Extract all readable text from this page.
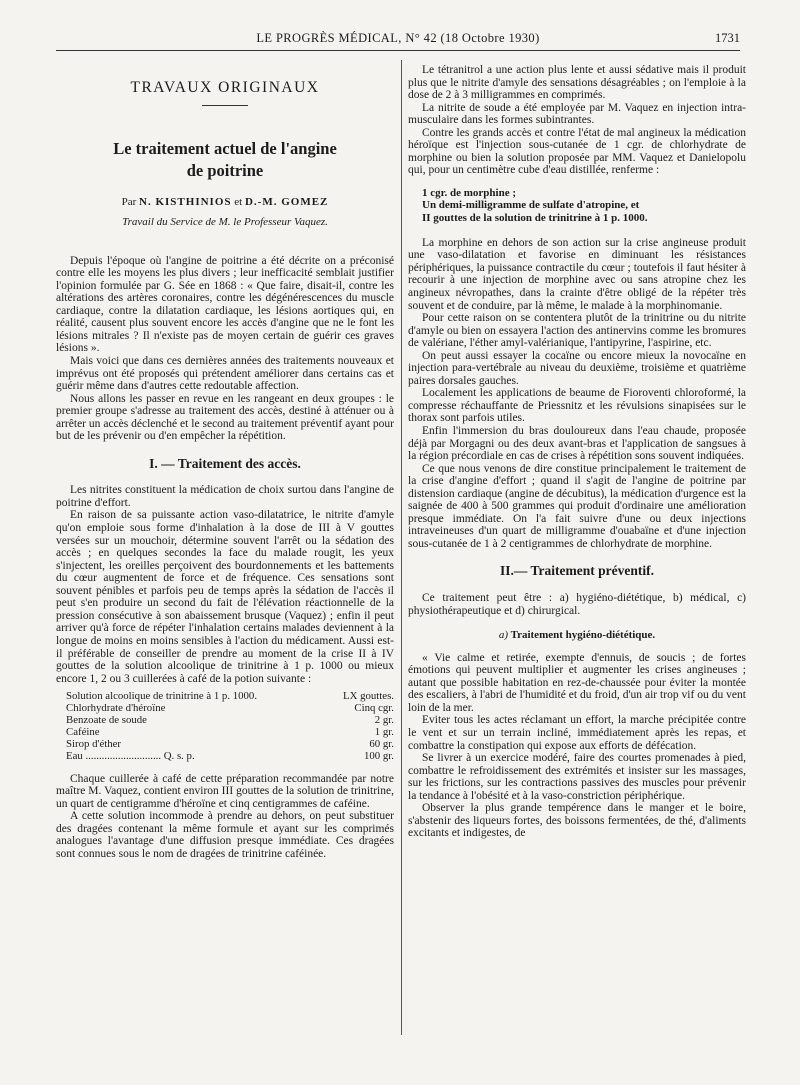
LE PROGRÈS MÉDICAL, N° 42 (18 Octobre 1930)	1731
TRAVAUX ORIGINAUX
Le traitement actuel de l'angine
de poitrine
Par N. KISTHINIOS et D.-M. GOMEZ
Travail du Service de M. le Professeur Vaquez.

Depuis l'époque où l'angine de poitrine a été décrite on a préconisé contre elle les moyens les plus divers ; leur inefficacité semblait justifier l'opinion formulée par G. Sée en 1868 : « Que faire, disait-il, contre les altérations des artères coronaires, contre les dégénérescences du muscle cardiaque, contre la dilatation cardiaque, les lésions aortiques qui, en réalité, causent plus souvent encore les accès d'angine que ne le font les lésions mitrales ? Il n'existe pas de moyen certain de guérir ces graves lésions ».

Mais voici que dans ces dernières années des traitements nouveaux et imprévus ont été proposés qui prétendent améliorer dans certains cas et guérir même dans d'autres cette redoutable affection.

Nous allons les passer en revue en les rangeant en deux groupes : le premier groupe s'adresse au traitement des accès, destiné à atténuer ou à arrêter un accès déclenché et le second au traitement préventif ayant pour but de les prévenir ou d'en empêcher la répétition.

I. — Traitement des accès.

Les nitrites constituent la médication de choix surtou dans l'angine de poitrine d'effort.

En raison de sa puissante action vaso-dilatatrice, le nitrite d'amyle qu'on emploie sous forme d'inhalation à la dose de III à V gouttes versées sur un mouchoir, détermine souvent l'arrêt ou la sédation des accès ; en quelques secondes la face du malade rougit, les yeux s'injectent, les oreilles perçoivent des bourdonnements et les battements du cœur augmentent de force et de fréquence. Ces sensations sont souvent pénibles et parfois peu de temps après la sédation de l'accès il peut s'en produire un second du fait de l'élévation réactionnelle de la pression consécutive à son abaissement brusque (Vaquez) ; enfin il peut arriver qu'à force de répéter l'inhalation certains malades deviennent à la longue de moins en moins sensibles à l'action du médicament. Aussi est-il préférable de conseiller de prendre au moment de la crise II à IV gouttes de la solution alcoolique de trinitrine à 1 p. 1000 ou mieux encore 1, 2 ou 3 cuillerées à café de la potion suivante :

Solution alcoolique de trinitrine à 1 p. 1000.	LX gouttes.
Chlorhydrate d'héroïne	Cinq cgr.
Benzoate de soude	2 gr.
Caféine	1 gr.
Sirop d'éther	60 gr.
Eau ............................ Q. s. p.	100 gr.

Chaque cuillerée à café de cette préparation recommandée par notre maître M. Vaquez, contient environ III gouttes de la solution de trinitrine, un quart de centigramme d'héroïne et cinq centigrammes de caféine.

A cette solution incommode à prendre au dehors, on peut substituer des dragées contenant la même formule et ayant sur les comprimés analogues l'avantage d'une diffusion presque immédiate. Ces dragées sont connues sous le nom de dragées de trinitrine caféinée.

Le tétranitrol a une action plus lente et aussi sédative mais il produit plus que le nitrite d'amyle des sensations désagréables ; on l'emploie à la dose de 2 à 3 milligrammes en comprimés.

La nitrite de soude a été employée par M. Vaquez en injection intra-musculaire dans les formes subintrantes.

Contre les grands accès et contre l'état de mal angineux la médication héroïque est l'injection sous-cutanée de 1 cgr. de chlorhydrate de morphine ou bien la solution proposée par MM. Vaquez et Danielopolu qui, pour un centimètre cube d'eau distillée, renferme :

1 cgr. de morphine ;
Un demi-milligramme de sulfate d'atropine, et
II gouttes de la solution de trinitrine à 1 p. 1000.

La morphine en dehors de son action sur la crise angineuse produit une vaso-dilatation et favorise en diminuant les résistances périphériques, la puissance contractile du cœur ; toutefois il faut hésiter à recourir à une injection de morphine avec ou sans atropine chez les angineux névropathes, dans la crainte d'être obligé de la répéter très souvent et de conduire, par là même, le malade à la morphinomanie.

Pour cette raison on se contentera plutôt de la trinitrine ou du nitrite d'amyle ou bien on essayera l'action des antinervins comme les bromures de valériane, l'éther amyl-valérianique, l'antipyrine, l'aspirine, etc.

On peut aussi essayer la cocaïne ou encore mieux la novocaïne en injection para-vertébrale au niveau du deuxième, troisième et quatrième paires dorsales gauches.

Localement les applications de beaume de Fioroventi chloroformé, la compresse réchauffante de Priessnitz et les révulsions sinapisées sur le thorax sont parfois utiles.

Enfin l'immersion du bras douloureux dans l'eau chaude, proposée déjà par Morgagni ou des deux avant-bras et l'application de sangsues à la région précordiale en cas de crises à répétition sons souvent indiquées.

Ce que nous venons de dire constitue principalement le traitement de la crise d'angine d'effort ; quand il s'agit de l'angine de poitrine par distension cardiaque (angine de décubitus), la médication d'urgence est la saignée de 400 à 500 grammes qui produit d'ordinaire une amélioration presque immédiate. On l'a fait suivre d'une ou deux injections intraveineuses d'un quart de milligramme d'ouabaïne et d'une injection sous-cutanée de 1 à 2 centigrammes de chlorhydrate de morphine.

II.— Traitement préventif.

Ce traitement peut être : a) hygiéno-diététique, b) médical, c) physiothérapeutique et d) chirurgical.

a) Traitement hygiéno-diététique.

« Vie calme et retirée, exempte d'ennuis, de soucis ; de fortes émotions qui peuvent multiplier et augmenter les crises angineuses ; autant que possible habitation en rez-de-chaussée pour éviter la montée des escaliers, à l'abri de l'humidité et du froid, d'un air trop vif ou du vent loin de la mer.

Eviter tous les actes réclamant un effort, la marche précipitée contre le vent et sur un terrain incliné, immédiatement après les repas, et combattre la constipation qui expose aux efforts de défécation.

Se livrer à un exercice modéré, faire des courtes promenades à pied, combattre le refroidissement des extrémités et insister sur les massages, sur les frictions, sur les contractions passives des muscles pour prévenir la tendance à l'obésité et à la vaso-constriction périphérique.

Observer la plus grande tempérence dans le manger et le boire, s'abstenir des liqueurs fortes, des boissons fermentées, de thé, d'aliments excitants et indigestes, de
